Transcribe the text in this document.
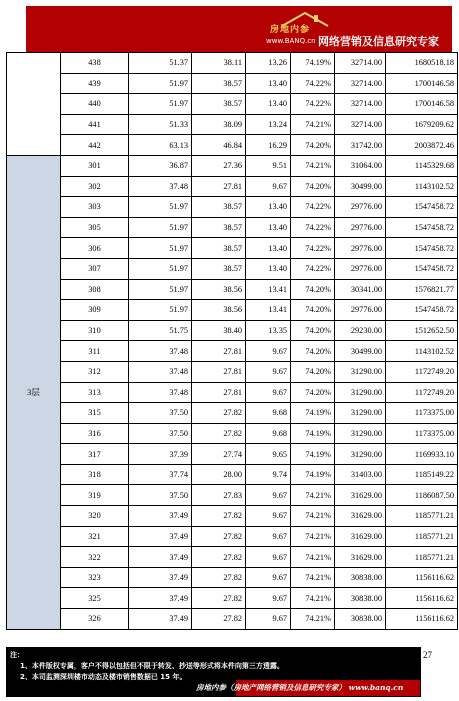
房地内参
www.BANQ.cn 网络营销及信息研究专家
	438	51.37	38.11	13.26	74.19%	32714.00	1680518.18
	439	51.97	38.57	13.40	74.22%	32714.00	1700146.58
	440	51.97	38.57	13.40	74.22%	32714.00	1700146.58
	441	51.33	38.09	13.24	74.21%	32714.00	1679209.62
	442	63.13	46.84	16.29	74.20%	31742.00	2003872.46
3层	301	36.87	27.36	9.51	74.21%	31064.00	1145329.68
	302	37.48	27.81	9.67	74.20%	30499.00	1143102.52
	303	51.97	38.57	13.40	74.22%	29776.00	1547458.72
	305	51.97	38.57	13.40	74.22%	29776.00	1547458.72
	306	51.97	38.57	13.40	74.22%	29776.00	1547458.72
	307	51.97	38.57	13.40	74.22%	29776.00	1547458.72
	308	51.97	38.56	13.41	74.20%	30341.00	1576821.77
	309	51.97	38.56	13.41	74.20%	29776.00	1547458.72
	310	51.75	38.40	13.35	74.20%	29230.00	1512652.50
	311	37.48	27.81	9.67	74.20%	30499.00	1143102.52
	312	37.48	27.81	9.67	74.20%	31290.00	1172749.20
	313	37.48	27.81	9.67	74.20%	31290.00	1172749.20
	315	37.50	27.82	9.68	74.19%	31290.00	1173375.00
	316	37.50	27.82	9.68	74.19%	31290.00	1173375.00
	317	37.39	27.74	9.65	74.19%	31290.00	1169933.10
	318	37.74	28.00	9.74	74.19%	31403.00	1185149.22
	319	37.50	27.83	9.67	74.21%	31629.00	1186087.50
	320	37.49	27.82	9.67	74.21%	31629.00	1185771.21
	321	37.49	27.82	9.67	74.21%	31629.00	1185771.21
	322	37.49	27.82	9.67	74.21%	31629.00	1185771.21
	323	37.49	27.82	9.67	74.21%	30838.00	1156116.62
	325	37.49	27.82	9.67	74.21%	30838.00	1156116.62
	326	37.49	27.82	9.67	74.21%	30838.00	1156116.62
注：
1、本件版权专属，客户不得以包括但不限于转发、抄送等形式将本件向第三方透露。
2、本司监测深圳楼市动态及楼市销售数据已 15 年。
房地内参（房地产网络营销及信息研究专家） www.banq.cn
27
